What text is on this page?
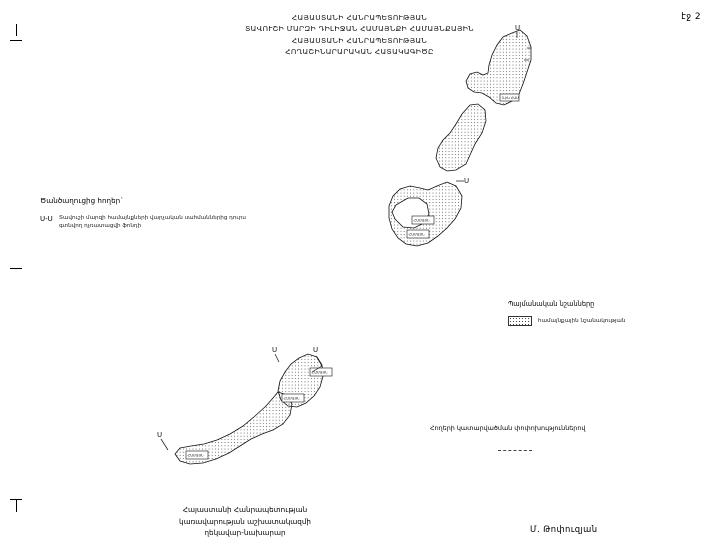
էջ 2
ՀԱՅԱՍՏԱՆԻ ՀԱՆՐԱՊԵՏՈՒԹՅԱՆ
ՏԱՎՈՒՇԻ ՄԱՐԶԻ ԴԻԼԻՋԱՆ ՀԱՄԱՅՆՔԻ ՀԱՄԱՅՆՔԱՅԻՆ
ՀԱՅԱՍՏԱՆԻ ՀԱՆՐԱՊԵՏՈՒԹՅԱՆ
ՀՈՂԱՇԻՆԱՐԱՐԱԿԱՆ ՀԱՏԱԿԱԳԻԾԸ
3-ին ՀԱՄ
ՀԱՄԱՅՆ
ՀԱՄԱՅՆ
U
U
ՀԱՄԱՅՆ
ՀԱՄԱՅՆ
ՀԱՄԱՅՆ
U	U
U
Ծանծաղուցից հողեր`
U-U Տավուշի մարզի համայնքների վարչական սահմաններից դուրս գտնվող ոչռատացվի ֆոնդի
Պայմանական նշանները
համայնքային նշանակության
Հողերի կատարվածման փոփոխություններով
Հայաստանի Հանրապետության
կառավարության աշխատակազմի
ղեկավար-նախարար	Մ. Թոփուզյան
